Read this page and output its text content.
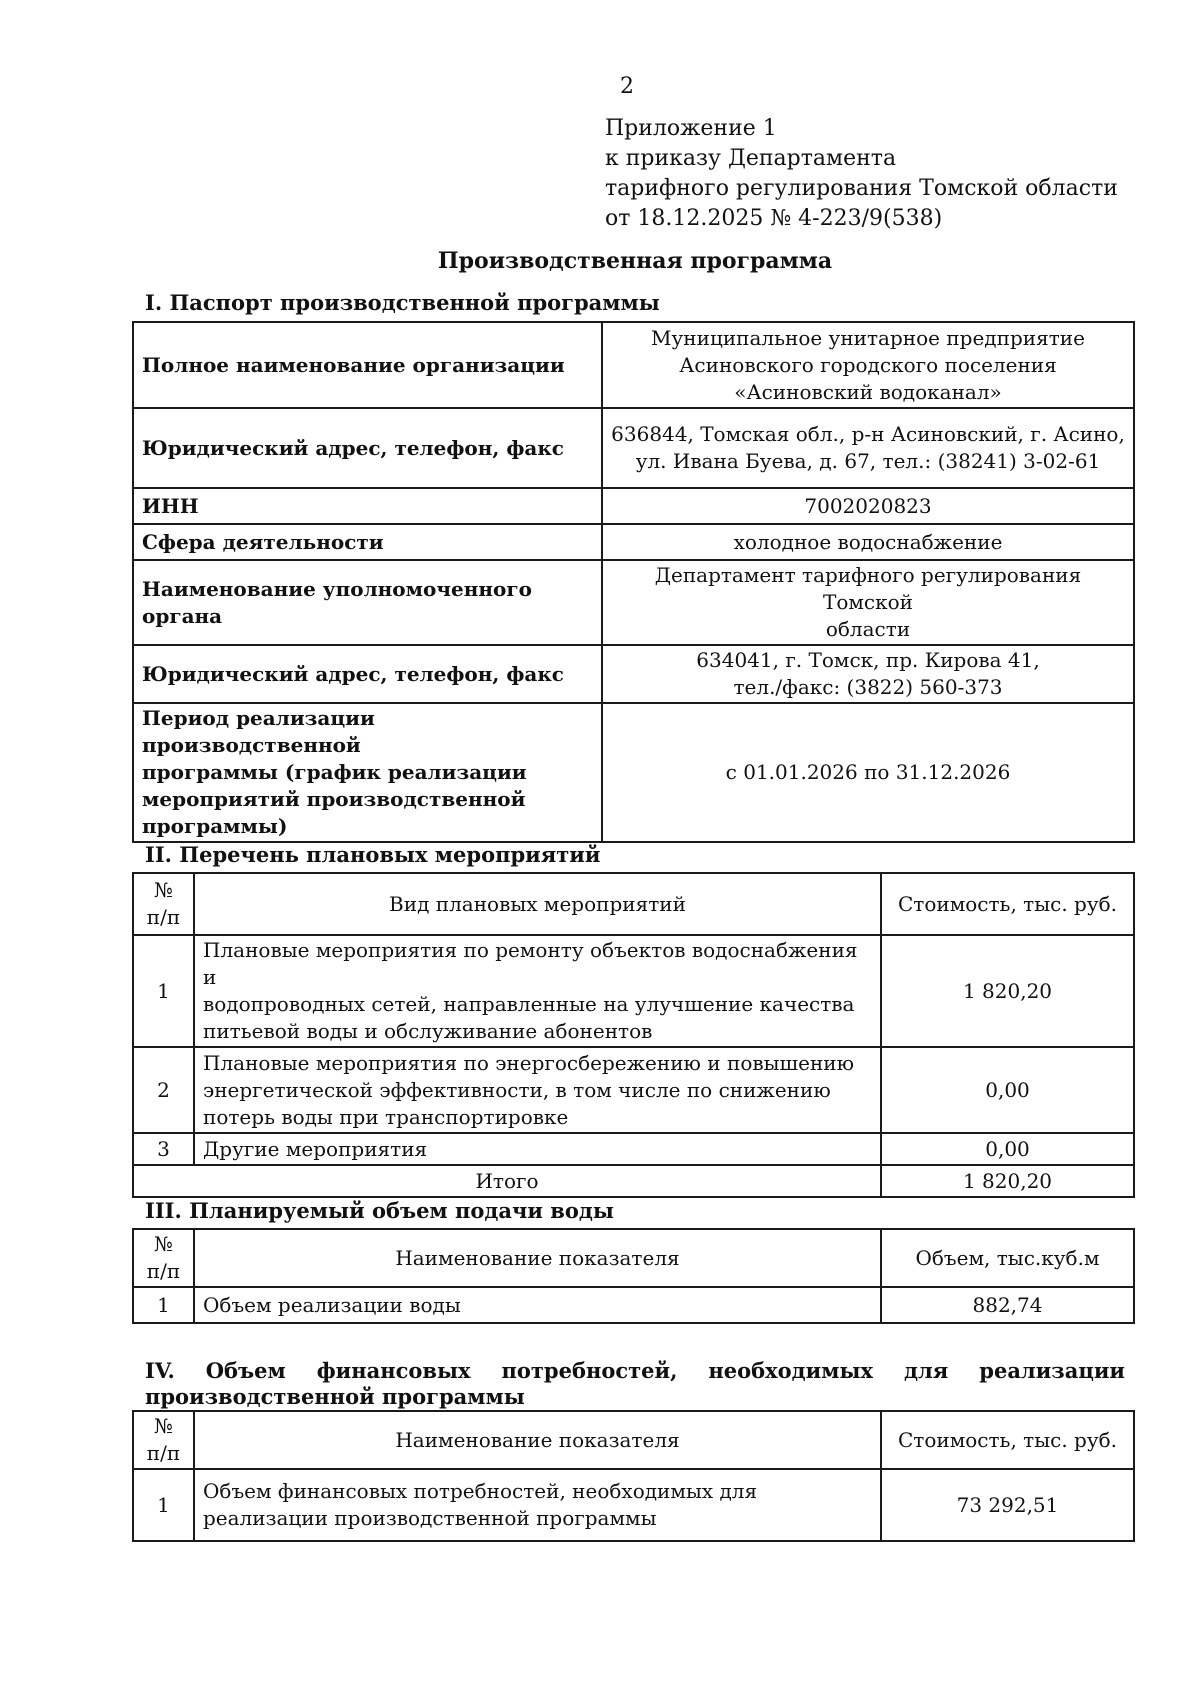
2
Приложение 1
к приказу Департамента
тарифного регулирования Томской области
от 18.12.2025 № 4-223/9(538)
Производственная программа
I. Паспорт производственной программы
Полное наименование организации	Муниципальное унитарное предприятие
Асиновского городского поселения
«Асиновский водоканал»

Юридический адрес, телефон, факс	636844, Томская обл., р-н Асиновский, г. Асино,
ул. Ивана Буева, д. 67, тел.: (38241) 3-02-61

ИНН	7002020823

Сфера деятельности	холодное водоснабжение

Наименование уполномоченного органа	Департамент тарифного регулирования Томской
области

Юридический адрес, телефон, факс	634041, г. Томск, пр. Кирова 41,
тел./факс: (3822) 560-373

Период реализации производственной
программы (график реализации
мероприятий производственной
программы)	с 01.01.2026 по 31.12.2026
II. Перечень плановых мероприятий
№
п/п	Вид плановых мероприятий	Стоимость, тыс. руб.
1	Плановые мероприятия по ремонту объектов водоснабжения и
водопроводных сетей, направленные на улучшение качества
питьевой воды и обслуживание абонентов	1 820,20
2	Плановые мероприятия по энергосбережению и повышению
энергетической эффективности, в том числе по снижению
потерь воды при транспортировке	0,00
3	Другие мероприятия	0,00
Итого		1 820,20
III. Планируемый объем подачи воды
№
п/п	Наименование показателя	Объем, тыс.куб.м
1	Объем реализации воды	882,74
IV. Объем финансовых потребностей, необходимых для реализации производственной программы
№
п/п	Наименование показателя	Стоимость, тыс. руб.
1	Объем финансовых потребностей, необходимых для
реализации производственной программы	73 292,51
